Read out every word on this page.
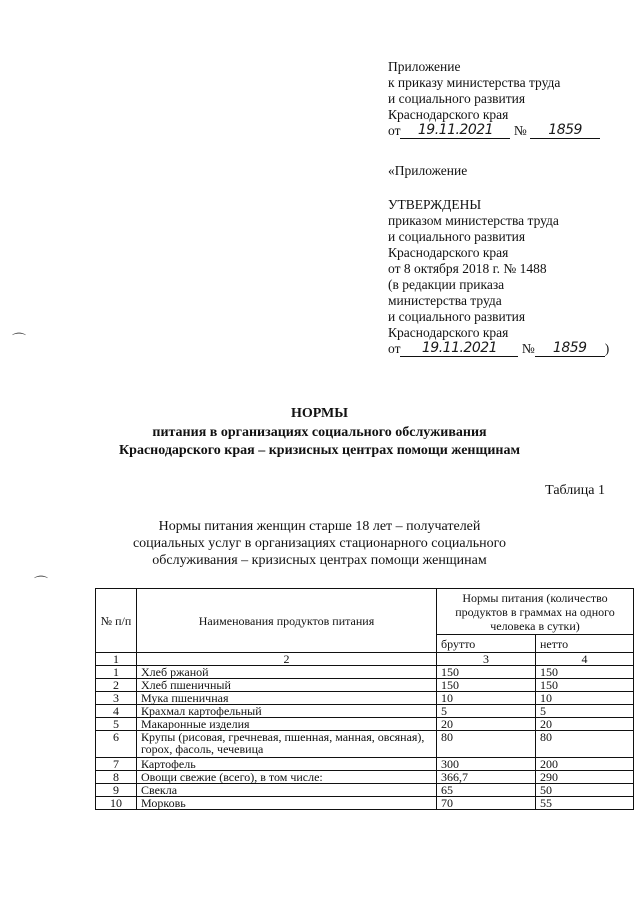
Приложение
к приказу министерства труда
и социального развития
Краснодарского края
от 19.11.2021 № 1859
«Приложение
УТВЕРЖДЕНЫ
приказом министерства труда
и социального развития
Краснодарского края
от 8 октября 2018 г. № 1488
(в редакции приказа
министерства труда
и социального развития
Краснодарского края
от 19.11.2021 № 1859 )
⌒
⌒
НОРМЫ
питания в организациях социального обслуживания
Краснодарского края – кризисных центрах помощи женщинам
Таблица 1
Нормы питания женщин старше 18 лет – получателей
социальных услуг в организациях стационарного социального
обслуживания – кризисных центрах помощи женщинам
№ п/п	Наименования продуктов питания	Нормы питания (количество продуктов в граммах на одного человека в сутки)	
		брутто	нетто
1	2	3	4
1	Хлеб ржаной	150	150
2	Хлеб пшеничный	150	150
3	Мука пшеничная	10	10
4	Крахмал картофельный	5	5
5	Макаронные изделия	20	20
6	Крупы (рисовая, гречневая, пшенная, манная, овсяная), горох, фасоль, чечевица	80	80
7	Картофель	300	200
8	Овощи свежие (всего), в том числе:	366,7	290
9	Свекла	65	50
10	Морковь	70	55
